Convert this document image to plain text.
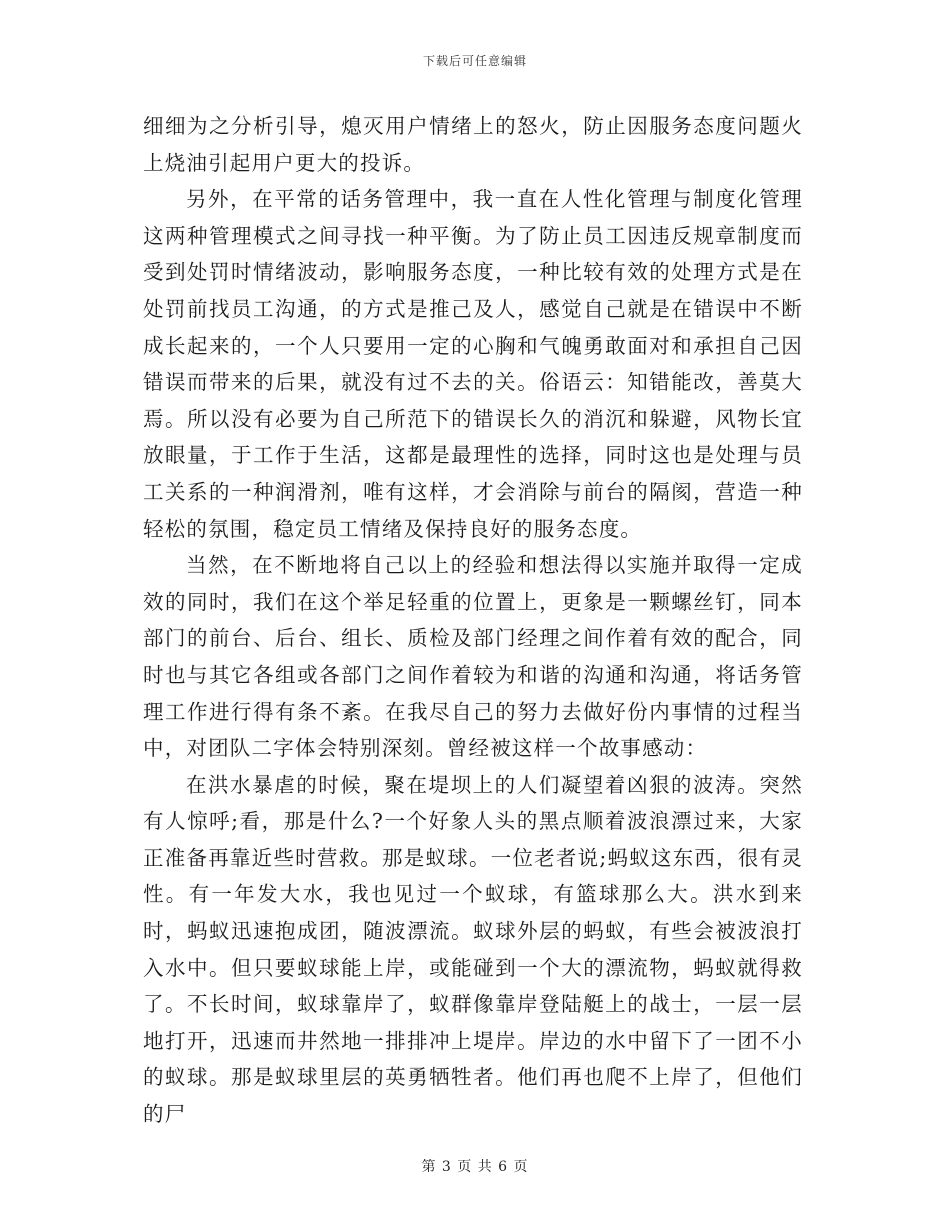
下载后可任意编辑

细细为之分析引导，熄灭用户情绪上的怒火，防止因服务态度问题火上烧油引起用户更大的投诉。

另外，在平常的话务管理中，我一直在人性化管理与制度化管理这两种管理模式之间寻找一种平衡。为了防止员工因违反规章制度而受到处罚时情绪波动，影响服务态度，一种比较有效的处理方式是在处罚前找员工沟通，的方式是推己及人，感觉自己就是在错误中不断成长起来的，一个人只要用一定的心胸和气魄勇敢面对和承担自己因错误而带来的后果，就没有过不去的关。俗语云：知错能改，善莫大焉。所以没有必要为自己所范下的错误长久的消沉和躲避，风物长宜放眼量，于工作于生活，这都是最理性的选择，同时这也是处理与员工关系的一种润滑剂，唯有这样，才会消除与前台的隔阂，营造一种轻松的氛围，稳定员工情绪及保持良好的服务态度。

当然，在不断地将自己以上的经验和想法得以实施并取得一定成效的同时，我们在这个举足轻重的位置上，更象是一颗螺丝钉，同本部门的前台、后台、组长、质检及部门经理之间作着有效的配合，同时也与其它各组或各部门之间作着较为和谐的沟通和沟通，将话务管理工作进行得有条不紊。在我尽自己的努力去做好份内事情的过程当中，对团队二字体会特别深刻。曾经被这样一个故事感动：

在洪水暴虐的时候，聚在堤坝上的人们凝望着凶狠的波涛。突然有人惊呼;看，那是什么?一个好象人头的黑点顺着波浪漂过来，大家正准备再靠近些时营救。那是蚁球。一位老者说;蚂蚁这东西，很有灵性。有一年发大水，我也见过一个蚁球，有篮球那么大。洪水到来时，蚂蚁迅速抱成团，随波漂流。蚁球外层的蚂蚁，有些会被波浪打入水中。但只要蚁球能上岸，或能碰到一个大的漂流物，蚂蚁就得救了。不长时间，蚁球靠岸了，蚁群像靠岸登陆艇上的战士，一层一层地打开，迅速而井然地一排排冲上堤岸。岸边的水中留下了一团不小的蚁球。那是蚁球里层的英勇牺牲者。他们再也爬不上岸了，但他们的尸

第 3 页 共 6 页
